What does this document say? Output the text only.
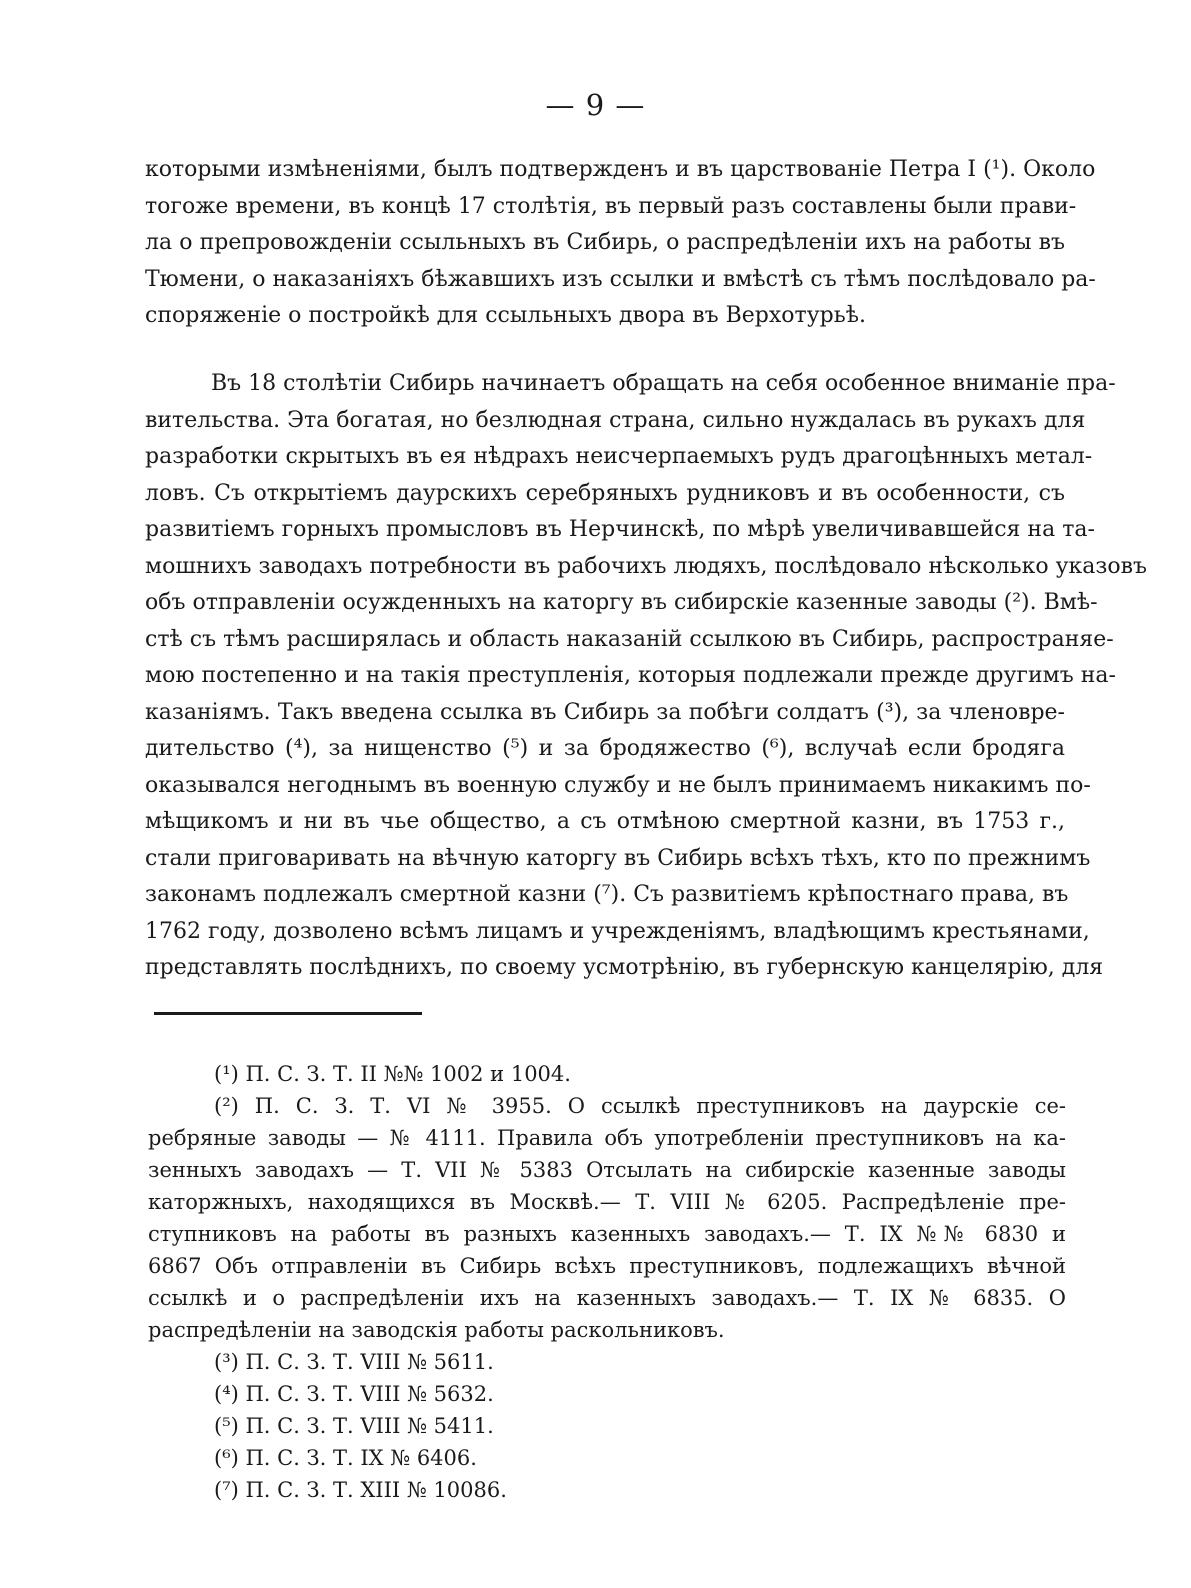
— 9 —
которыми измѣненіями, былъ подтвержденъ и въ царствованіе Петра I (¹). Около
тогоже времени, въ концѣ 17 столѣтія, въ первый разъ составлены были прави-
ла о препровожденіи ссыльныхъ въ Сибирь, о распредѣленіи ихъ на работы въ
Тюмени, о наказаніяхъ бѣжавшихъ изъ ссылки и вмѣстѣ съ тѣмъ послѣдовало ра-
споряженіе о постройкѣ для ссыльныхъ двора въ Верхотурьѣ.
Въ 18 столѣтіи Сибирь начинаетъ обращать на себя особенное вниманіе пра-
вительства. Эта богатая, но безлюдная страна, сильно нуждалась въ рукахъ для
разработки скрытыхъ въ ея нѣдрахъ неисчерпаемыхъ рудъ драгоцѣнныхъ метал-
ловъ. Съ открытіемъ даурскихъ серебряныхъ рудниковъ и въ особенности, съ
развитіемъ горныхъ промысловъ въ Нерчинскѣ, по мѣрѣ увеличивавшейся на та-
мошнихъ заводахъ потребности въ рабочихъ людяхъ, послѣдовало нѣсколько указовъ
объ отправленіи осужденныхъ на каторгу въ сибирскіе казенные заводы (²). Вмѣ-
стѣ съ тѣмъ расширялась и область наказаній ссылкою въ Сибирь, распространяе-
мою постепенно и на такія преступленія, которыя подлежали прежде другимъ на-
казаніямъ. Такъ введена ссылка въ Сибирь за побѣги солдатъ (³), за членовре-
дительство (⁴), за нищенство (⁵) и за бродяжество (⁶), вслучаѣ если бродяга
оказывался негоднымъ въ военную службу и не былъ принимаемъ никакимъ по-
мѣщикомъ и ни въ чье общество, а съ отмѣною смертной казни, въ 1753 г.,
стали приговаривать на вѣчную каторгу въ Сибирь всѣхъ тѣхъ, кто по прежнимъ
законамъ подлежалъ смертной казни (⁷). Съ развитіемъ крѣпостнаго права, въ
1762 году, дозволено всѣмъ лицамъ и учрежденіямъ, владѣющимъ крестьянами,
представлять послѣднихъ, по своему усмотрѣнію, въ губернскую канцелярію, для
(¹) П. С. З. Т. II №№ 1002 и 1004.
(²) П. С. З. Т. VI № 3955. О ссылкѣ преступниковъ на даурскіе се-
ребряные заводы — № 4111. Правила объ употребленіи преступниковъ на ка-
зенныхъ заводахъ — Т. VII № 5383 Отсылать на сибирскіе казенные заводы
каторжныхъ, находящихся въ Москвѣ.— Т. VIII № 6205. Распредѣленіе пре-
ступниковъ на работы въ разныхъ казенныхъ заводахъ.— Т. IX №№ 6830 и
6867 Объ отправленіи въ Сибирь всѣхъ преступниковъ, подлежащихъ вѣчной
ссылкѣ и о распредѣленіи ихъ на казенныхъ заводахъ.— Т. IX № 6835. О
распредѣленіи на заводскія работы раскольниковъ.
(³) П. С. З. Т. VIII № 5611.
(⁴) П. С. З. Т. VIII № 5632.
(⁵) П. С. З. Т. VIII № 5411.
(⁶) П. С. З. Т. IX № 6406.
(⁷) П. С. З. Т. XIII № 10086.
